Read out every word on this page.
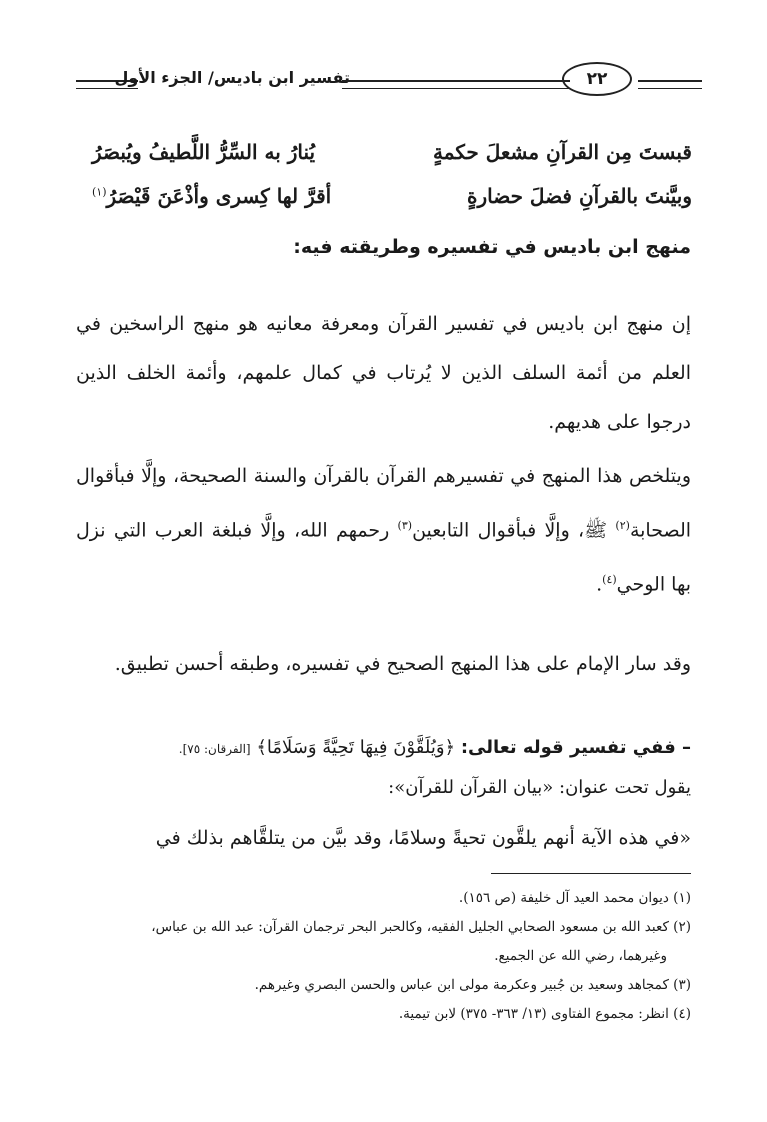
تفسير ابن باديس/ الجزء الأول	٢٢
قبستَ مِن القرآنِ مشعلَ حكمةٍ
يُنارُ به السِّرُّ اللَّطيفُ ويُبصَرُ
وبيَّنتَ بالقرآنِ فضلَ حضارةٍ
أقرَّ لها كِسرى وأذْعَنَ قَيْصَرُ$^{(١)}$
منهج ابن باديس في تفسيره وطريقته فيه:
إن منهج ابن باديس في تفسير القرآن ومعرفة معانيه هو منهج الراسخين في العلم من أئمة السلف الذين لا يُرتاب في كمال علمهم، وأئمة الخلف الذين درجوا على هديهم.
ويتلخص هذا المنهج في تفسيرهم القرآن بالقرآن والسنة الصحيحة، وإلَّا فبأقوال الصحابة$^{(٢)}$ ﷺ، وإلَّا فبأقوال التابعين$^{(٣)}$ رحمهم الله، وإلَّا فبلغة العرب التي نزل بها الوحي$^{(٤)}$.
وقد سار الإمام على هذا المنهج الصحيح في تفسيره، وطبقه أحسن تطبيق.
– ففي تفسير قوله تعالى: ﴿وَيُلَقَّوْنَ فِيهَا تَحِيَّةً وَسَلَامًا﴾ [الفرقان: ٧٥].
يقول تحت عنوان: «بيان القرآن للقرآن»:
«في هذه الآية أنهم يلقَّون تحيةً وسلامًا، وقد بيَّن من يتلقَّاهم بذلك في
(١) ديوان محمد العيد آل خليفة (ص ١٥٦).
(٢) كعبد الله بن مسعود الصحابي الجليل الفقيه، وكالحبر البحر ترجمان القرآن: عبد الله بن عباس،
وغيرهما، رضي الله عن الجميع.
(٣) كمجاهد وسعيد بن جُبير وعكرمة مولى ابن عباس والحسن البصري وغيرهم.
(٤) انظر: مجموع الفتاوى (١٣/ ٣٦٣- ٣٧٥) لابن تيمية.
